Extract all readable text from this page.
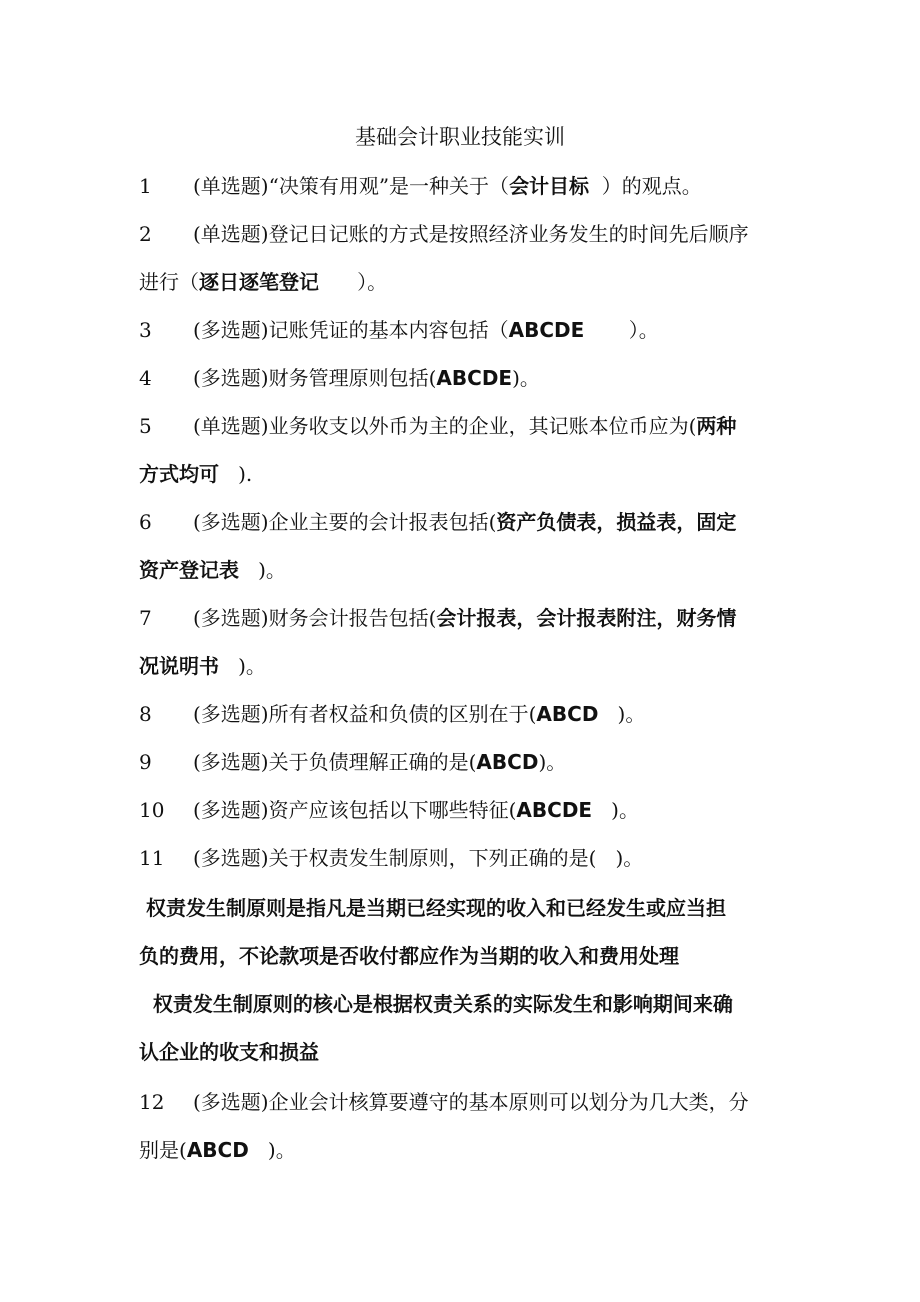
基础会计职业技能实训
1 (单选题)“决策有用观”是一种关于（会计目标  ）的观点。
2 (单选题)登记日记账的方式是按照经济业务发生的时间先后顺序
进行（逐日逐笔登记      ）。
3 (多选题)记账凭证的基本内容包括（ABCDE       ）。
4 (多选题)财务管理原则包括(ABCDE)。
5 (单选题)业务收支以外币为主的企业，其记账本位币应为(两种
方式均可   ).
6 (多选题)企业主要的会计报表包括(资产负债表，损益表，固定
资产登记表   )。
7 (多选题)财务会计报告包括(会计报表，会计报表附注，财务情
况说明书   )。
8 (多选题)所有者权益和负债的区别在于(ABCD   )。
9 (多选题)关于负债理解正确的是(ABCD)。
10 (多选题)资产应该包括以下哪些特征(ABCDE   )。
11 (多选题)关于权责发生制原则，下列正确的是(   )。
权责发生制原则是指凡是当期已经实现的收入和已经发生或应当担
负的费用，不论款项是否收付都应作为当期的收入和费用处理
权责发生制原则的核心是根据权责关系的实际发生和影响期间来确
认企业的收支和损益
12 (多选题)企业会计核算要遵守的基本原则可以划分为几大类，分
别是(ABCD   )。
